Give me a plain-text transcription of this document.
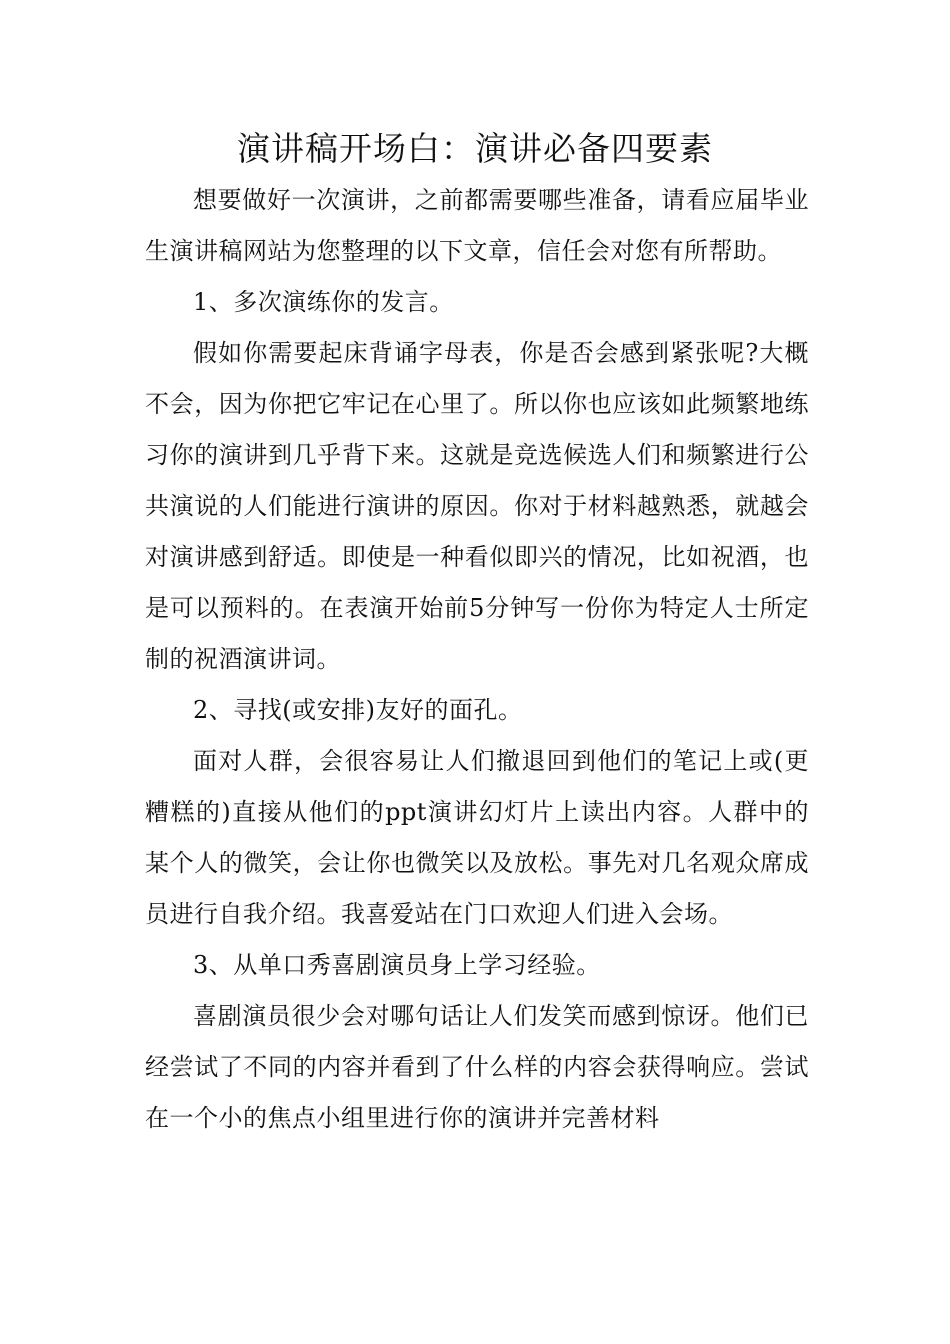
演讲稿开场白：演讲必备四要素

想要做好一次演讲，之前都需要哪些准备，请看应届毕业生演讲稿网站为您整理的以下文章，信任会对您有所帮助。

1、多次演练你的发言。

假如你需要起床背诵字母表，你是否会感到紧张呢?大概不会，因为你把它牢记在心里了。所以你也应该如此频繁地练习你的演讲到几乎背下来。这就是竞选候选人们和频繁进行公共演说的人们能进行演讲的原因。你对于材料越熟悉，就越会对演讲感到舒适。即使是一种看似即兴的情况，比如祝酒，也是可以预料的。在表演开始前5分钟写一份你为特定人士所定制的祝酒演讲词。

2、寻找(或安排)友好的面孔。

面对人群，会很容易让人们撤退回到他们的笔记上或(更糟糕的)直接从他们的ppt演讲幻灯片上读出内容。人群中的某个人的微笑，会让你也微笑以及放松。事先对几名观众席成员进行自我介绍。我喜爱站在门口欢迎人们进入会场。

3、从单口秀喜剧演员身上学习经验。

喜剧演员很少会对哪句话让人们发笑而感到惊讶。他们已经尝试了不同的内容并看到了什么样的内容会获得响应。尝试在一个小的焦点小组里进行你的演讲并完善材料
